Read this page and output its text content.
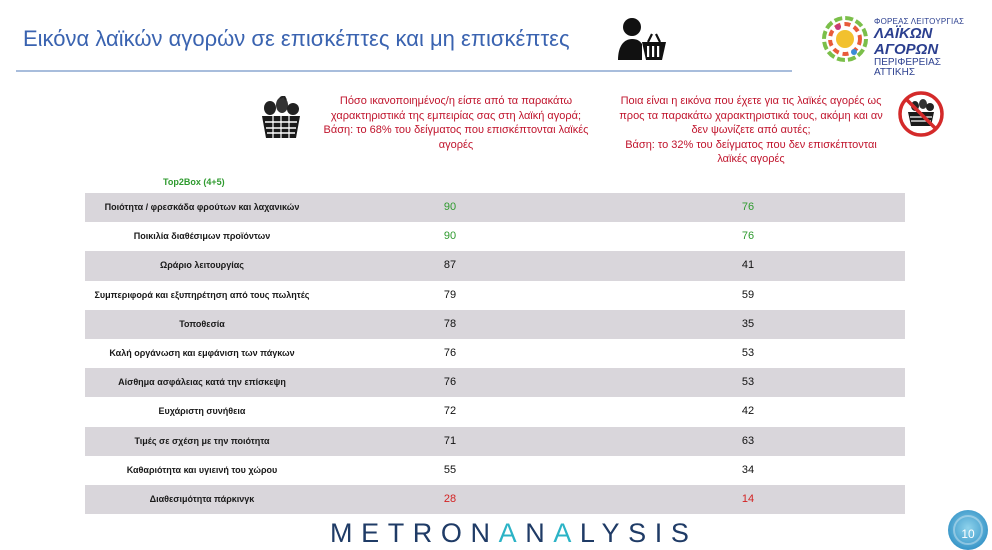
Εικόνα λαϊκών αγορών σε επισκέπτες και μη επισκέπτες
ΦΟΡΕΑΣ ΛΕΙΤΟΥΡΓΙΑΣ
ΛΑΪΚΩΝ ΑΓΟΡΩΝ
ΠΕΡΙΦΕΡΕΙΑΣ ΑΤΤΙΚΗΣ
Πόσο ικανοποιημένος/η είστε από τα παρακάτω
χαρακτηριστικά της εμπειρίας σας στη λαϊκή αγορά;
Βάση: το 68% του δείγματος που επισκέπτονται λαϊκές
αγορές
Ποια είναι η εικόνα που έχετε για τις λαϊκές αγορές ως
προς τα παρακάτω χαρακτηριστικά τους, ακόμη και αν
δεν ψωνίζετε από αυτές;
Βάση: το 32% του δείγματος που δεν επισκέπτονται
λαϊκές αγορές
Top2Box (4+5)
Ποιότητα / φρεσκάδα φρούτων και λαχανικών	90	76
Ποικιλία διαθέσιμων προϊόντων	90	76
Ωράριο λειτουργίας	87	41
Συμπεριφορά και εξυπηρέτηση από τους πωλητές	79	59
Τοποθεσία	78	35
Καλή οργάνωση και εμφάνιση των πάγκων	76	53
Αίσθημα ασφάλειας κατά την επίσκεψη	76	53
Ευχάριστη συνήθεια	72	42
Τιμές σε σχέση με την ποιότητα	71	63
Καθαριότητα και υγιεινή του χώρου	55	34
Διαθεσιμότητα πάρκινγκ	28	14
METRONANALYSIS	10
